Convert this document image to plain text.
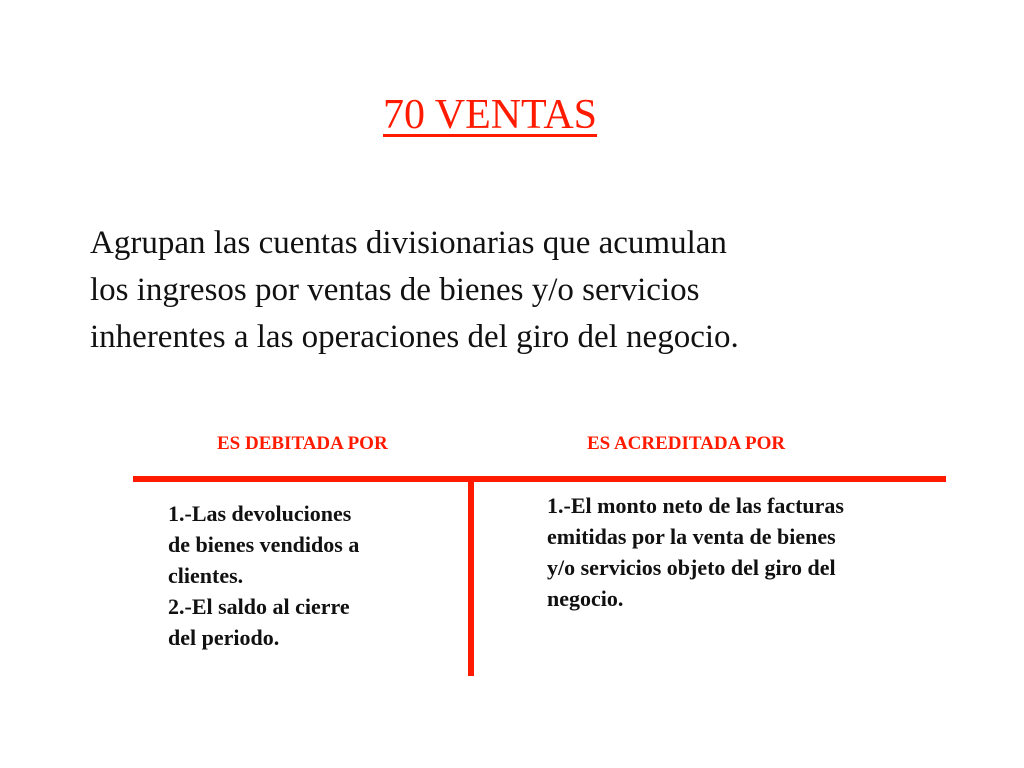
70 VENTAS
Agrupan las cuentas divisionarias que acumulan
los ingresos por ventas de bienes y/o servicios
inherentes a las operaciones del giro del negocio.
ES DEBITADA POR	ES ACREDITADA POR
1.-Las devoluciones
de bienes vendidos a
clientes.
2.-El saldo al cierre
del periodo.
1.-El monto neto de las facturas
emitidas por la venta de bienes
y/o servicios objeto del giro del
negocio.
